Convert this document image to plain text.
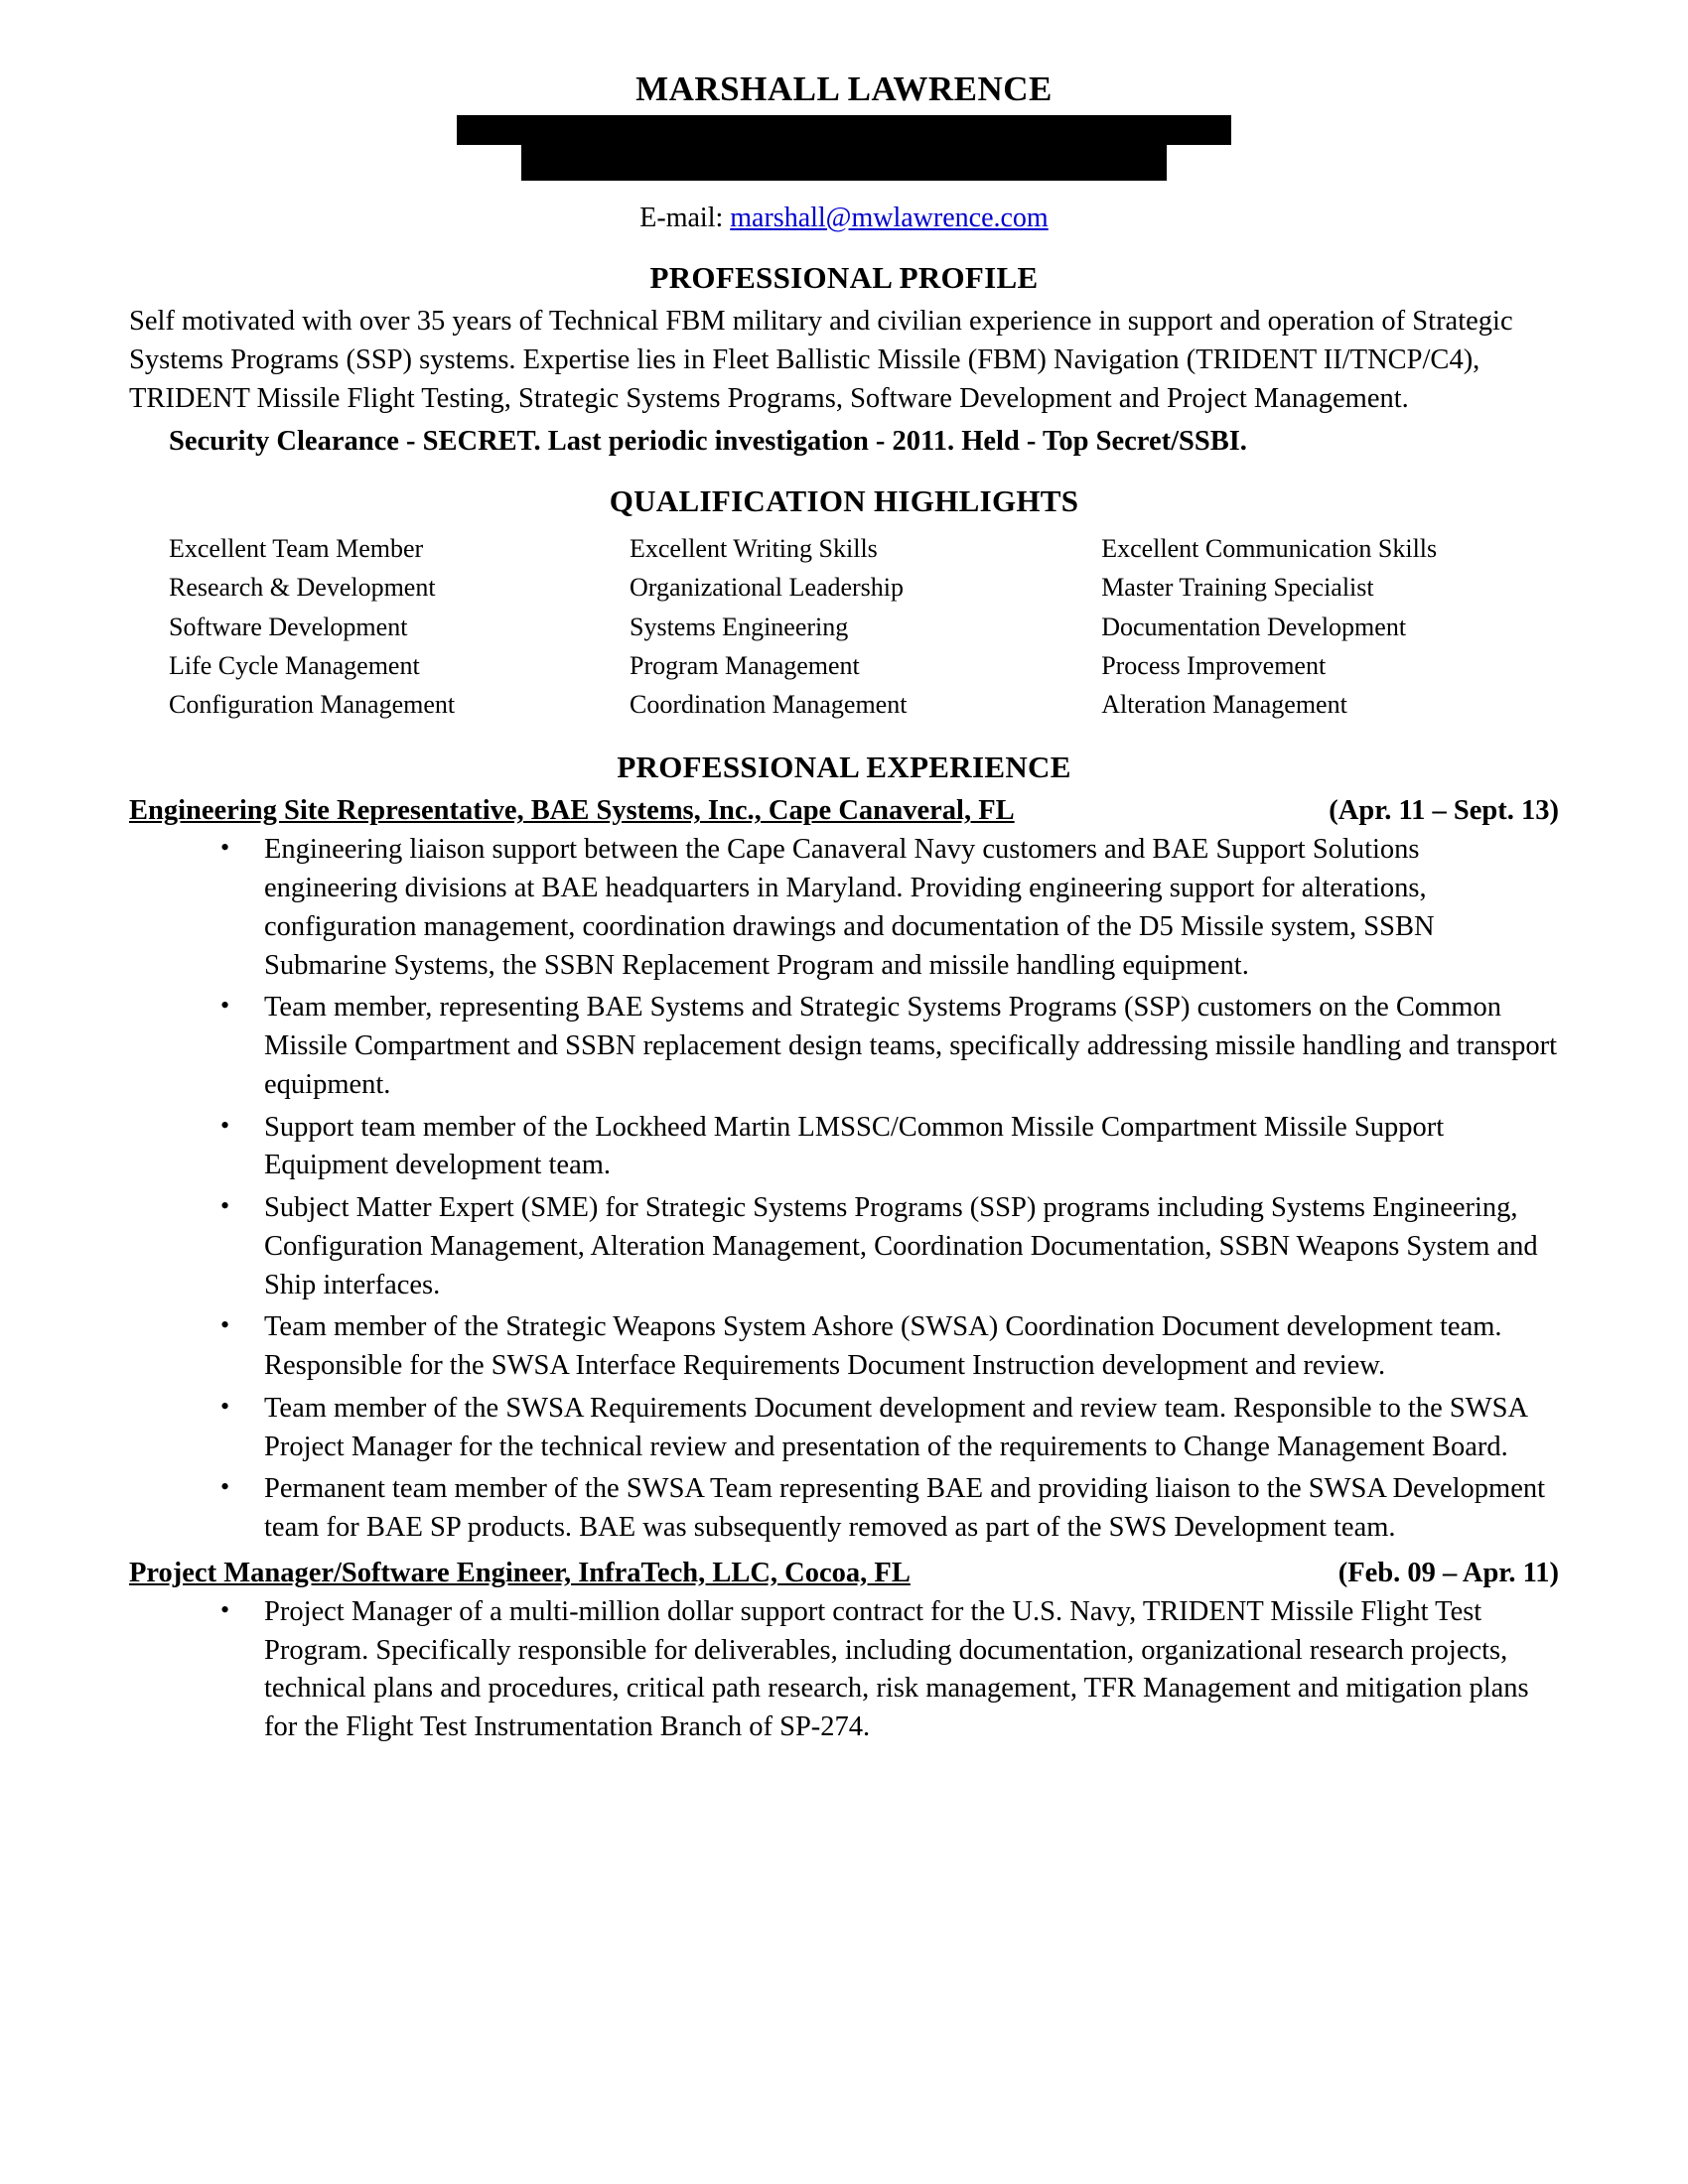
MARSHALL LAWRENCE

E-mail: marshall@mwlawrence.com

PROFESSIONAL PROFILE

Self motivated with over 35 years of Technical FBM military and civilian experience in support and operation of Strategic Systems Programs (SSP) systems. Expertise lies in Fleet Ballistic Missile (FBM) Navigation (TRIDENT II/TNCP/C4), TRIDENT Missile Flight Testing, Strategic Systems Programs, Software Development and Project Management.

Security Clearance - SECRET. Last periodic investigation - 2011. Held - Top Secret/SSBI.

QUALIFICATION HIGHLIGHTS
Excellent Team Member	Excellent Writing Skills	Excellent Communication Skills
Research & Development	Organizational Leadership	Master Training Specialist
Software Development	Systems Engineering	Documentation Development
Life Cycle Management	Program Management	Process Improvement
Configuration Management	Coordination Management	Alteration Management
PROFESSIONAL EXPERIENCE
Engineering Site Representative, BAE Systems, Inc., Cape Canaveral, FL	(Apr. 11 – Sept. 13)
• Engineering liaison support between the Cape Canaveral Navy customers and BAE Support Solutions engineering divisions at BAE headquarters in Maryland. Providing engineering support for alterations, configuration management, coordination drawings and documentation of the D5 Missile system, SSBN Submarine Systems, the SSBN Replacement Program and missile handling equipment.
• Team member, representing BAE Systems and Strategic Systems Programs (SSP) customers on the Common Missile Compartment and SSBN replacement design teams, specifically addressing missile handling and transport equipment.
• Support team member of the Lockheed Martin LMSSC/Common Missile Compartment Missile Support Equipment development team.
• Subject Matter Expert (SME) for Strategic Systems Programs (SSP) programs including Systems Engineering, Configuration Management, Alteration Management, Coordination Documentation, SSBN Weapons System and Ship interfaces.
• Team member of the Strategic Weapons System Ashore (SWSA) Coordination Document development team. Responsible for the SWSA Interface Requirements Document Instruction development and review.
• Team member of the SWSA Requirements Document development and review team. Responsible to the SWSA Project Manager for the technical review and presentation of the requirements to Change Management Board.
• Permanent team member of the SWSA Team representing BAE and providing liaison to the SWSA Development team for BAE SP products. BAE was subsequently removed as part of the SWS Development team.
Project Manager/Software Engineer, InfraTech, LLC, Cocoa, FL	(Feb. 09 – Apr. 11)
• Project Manager of a multi-million dollar support contract for the U.S. Navy, TRIDENT Missile Flight Test Program. Specifically responsible for deliverables, including documentation, organizational research projects, technical plans and procedures, critical path research, risk management, TFR Management and mitigation plans for the Flight Test Instrumentation Branch of SP-274.
